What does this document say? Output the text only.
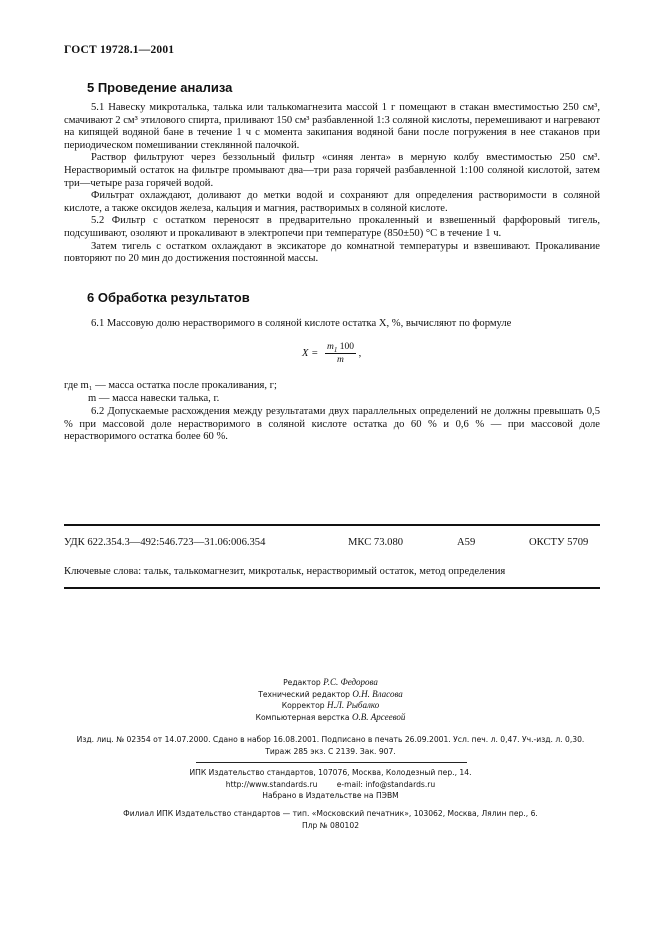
ГОСТ 19728.1—2001
5 Проведение анализа

5.1 Навеску микроталька, талька или талькомагнезита массой 1 г помещают в стакан вместимостью 250 см³, смачивают 2 см³ этилового спирта, приливают 150 см³ разбавленной 1:3 соляной кислоты, перемешивают и нагревают на кипящей водяной бане в течение 1 ч с момента закипания водяной бани после погружения в нее стаканов при периодическом помешивании стеклянной палочкой.

Раствор фильтруют через беззольный фильтр «синяя лента» в мерную колбу вместимостью 250 см³. Нерастворимый остаток на фильтре промывают два—три раза горячей разбавленной 1:100 соляной кислотой, затем три—четыре раза горячей водой.

Фильтрат охлаждают, доливают до метки водой и сохраняют для определения растворимости в соляной кислоте, а также оксидов железа, кальция и магния, растворимых в соляной кислоте.

5.2 Фильтр с остатком переносят в предварительно прокаленный и взвешенный фарфоровый тигель, подсушивают, озоляют и прокаливают в электропечи при температуре (850±50) °С в течение 1 ч.

Затем тигель с остатком охлаждают в эксикаторе до комнатной температуры и взвешивают. Прокаливание повторяют по 20 мин до достижения постоянной массы.

6 Обработка результатов

6.1 Массовую долю нерастворимого в соляной кислоте остатка X, %, вычисляют по формуле

$X = \frac{m_1 100}{m}$ ,
где m₁ — масса остатка после прокаливания, г;
m — масса навески талька, г.

6.2 Допускаемые расхождения между результатами двух параллельных определений не должны превышать 0,5 % при массовой доле нерастворимого в соляной кислоте остатка до 60 % и 0,6 % — при массовой доле нерастворимого остатка более 60 %.

УДК 622.354.3—492:546.723—31.06:006.354	МКС 73.080	А59	ОКСТУ 5709
Ключевые слова: тальк, талькомагнезит, микротальк, нерастворимый остаток, метод определения
Редактор Р.С. Федорова
Технический редактор О.Н. Власова
Корректор Н.Л. Рыбалко
Компьютерная верстка О.В. Арсеевой
Изд. лиц. № 02354 от 14.07.2000. Сдано в набор 16.08.2001. Подписано в печать 26.09.2001. Усл. печ. л. 0,47. Уч.-изд. л. 0,30.
Тираж 285 экз. С 2139. Зак. 907.
ИПК Издательство стандартов, 107076, Москва, Колодезный пер., 14.
http://www.standards.ru	e-mail: info@standards.ru
Набрано в Издательстве на ПЭВМ
Филиал ИПК Издательство стандартов — тип. «Московский печатник», 103062, Москва, Лялин пер., 6.
Плр № 080102
